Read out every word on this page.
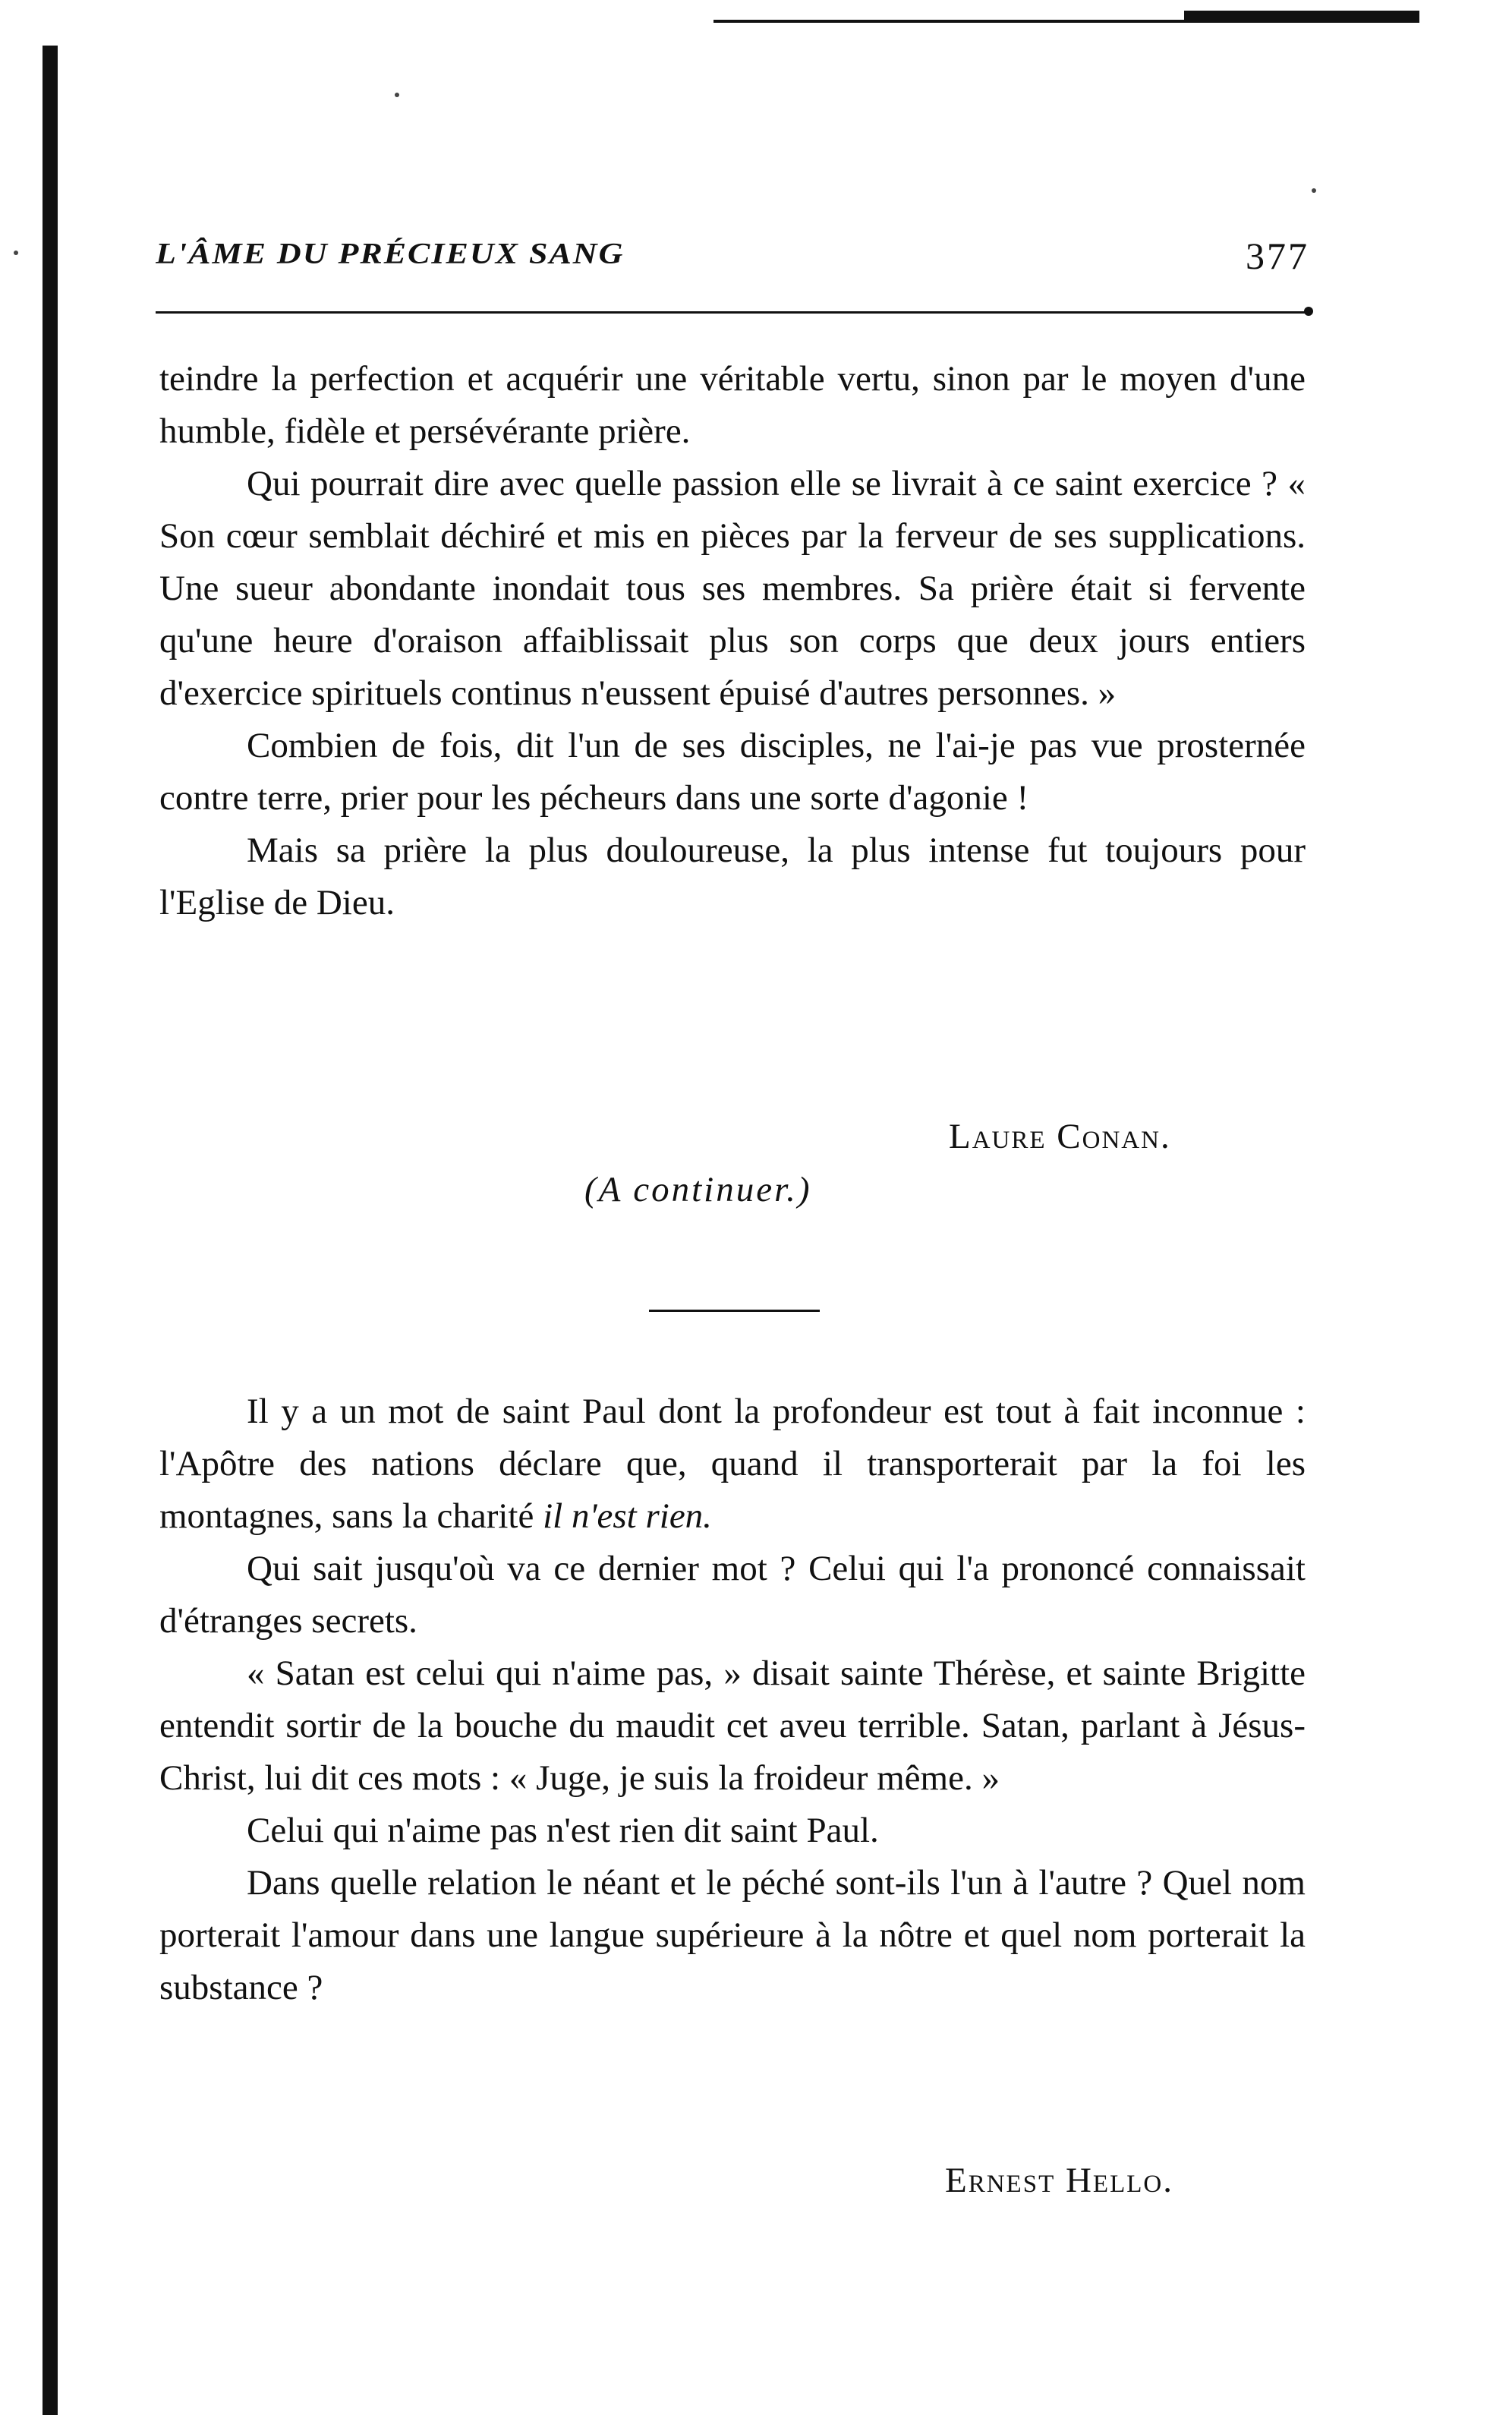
L'ÂME DU PRÉCIEUX SANG	377

teindre la perfection et acquérir une véritable vertu, sinon par le moyen d'une humble, fidèle et persévérante prière.

Qui pourrait dire avec quelle passion elle se livrait à ce saint exercice ? « Son cœur semblait déchiré et mis en pièces par la ferveur de ses supplications. Une sueur abondante inondait tous ses membres. Sa prière était si fervente qu'une heure d'oraison affaiblissait plus son corps que deux jours entiers d'exercice spirituels continus n'eussent épuisé d'autres personnes. »

Combien de fois, dit l'un de ses disciples, ne l'ai-je pas vue prosternée contre terre, prier pour les pécheurs dans une sorte d'agonie !

Mais sa prière la plus douloureuse, la plus intense fut toujours pour l'Eglise de Dieu.

Laure Conan.
(A continuer.)

Il y a un mot de saint Paul dont la profondeur est tout à fait inconnue : l'Apôtre des nations déclare que, quand il transporterait par la foi les montagnes, sans la charité il n'est rien.

Qui sait jusqu'où va ce dernier mot ? Celui qui l'a prononcé connaissait d'étranges secrets.

« Satan est celui qui n'aime pas, » disait sainte Thérèse, et sainte Brigitte entendit sortir de la bouche du maudit cet aveu terrible. Satan, parlant à Jésus-Christ, lui dit ces mots : « Juge, je suis la froideur même. »

Celui qui n'aime pas n'est rien dit saint Paul.

Dans quelle relation le néant et le péché sont-ils l'un à l'autre ? Quel nom porterait l'amour dans une langue supérieure à la nôtre et quel nom porterait la substance ?

Ernest Hello.
